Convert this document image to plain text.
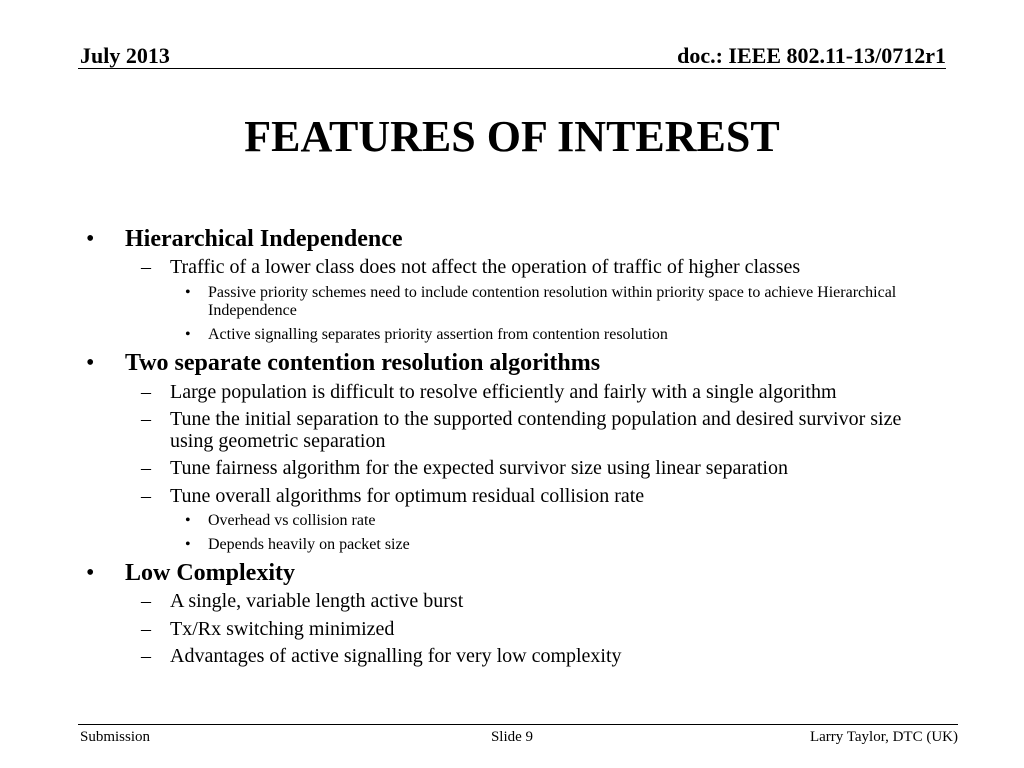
July 2013	doc.: IEEE 802.11-13/0712r1
FEATURES OF INTEREST
• Hierarchical Independence
– Traffic of a lower class does not affect the operation of traffic of higher classes
• Passive priority schemes need to include contention resolution within priority space to achieve Hierarchical Independence
• Active signalling separates priority assertion from contention resolution
• Two separate contention resolution algorithms
– Large population is difficult to resolve efficiently and fairly with a single algorithm
– Tune the initial separation to the supported contending population and desired survivor size using geometric separation
– Tune fairness algorithm for the expected survivor size using linear separation
– Tune overall algorithms for optimum residual collision rate
• Overhead vs collision rate
• Depends heavily on packet size
• Low Complexity
– A single, variable length active burst
– Tx/Rx switching minimized
– Advantages of active signalling for very low complexity
Submission	Slide 9	Larry Taylor, DTC (UK)
